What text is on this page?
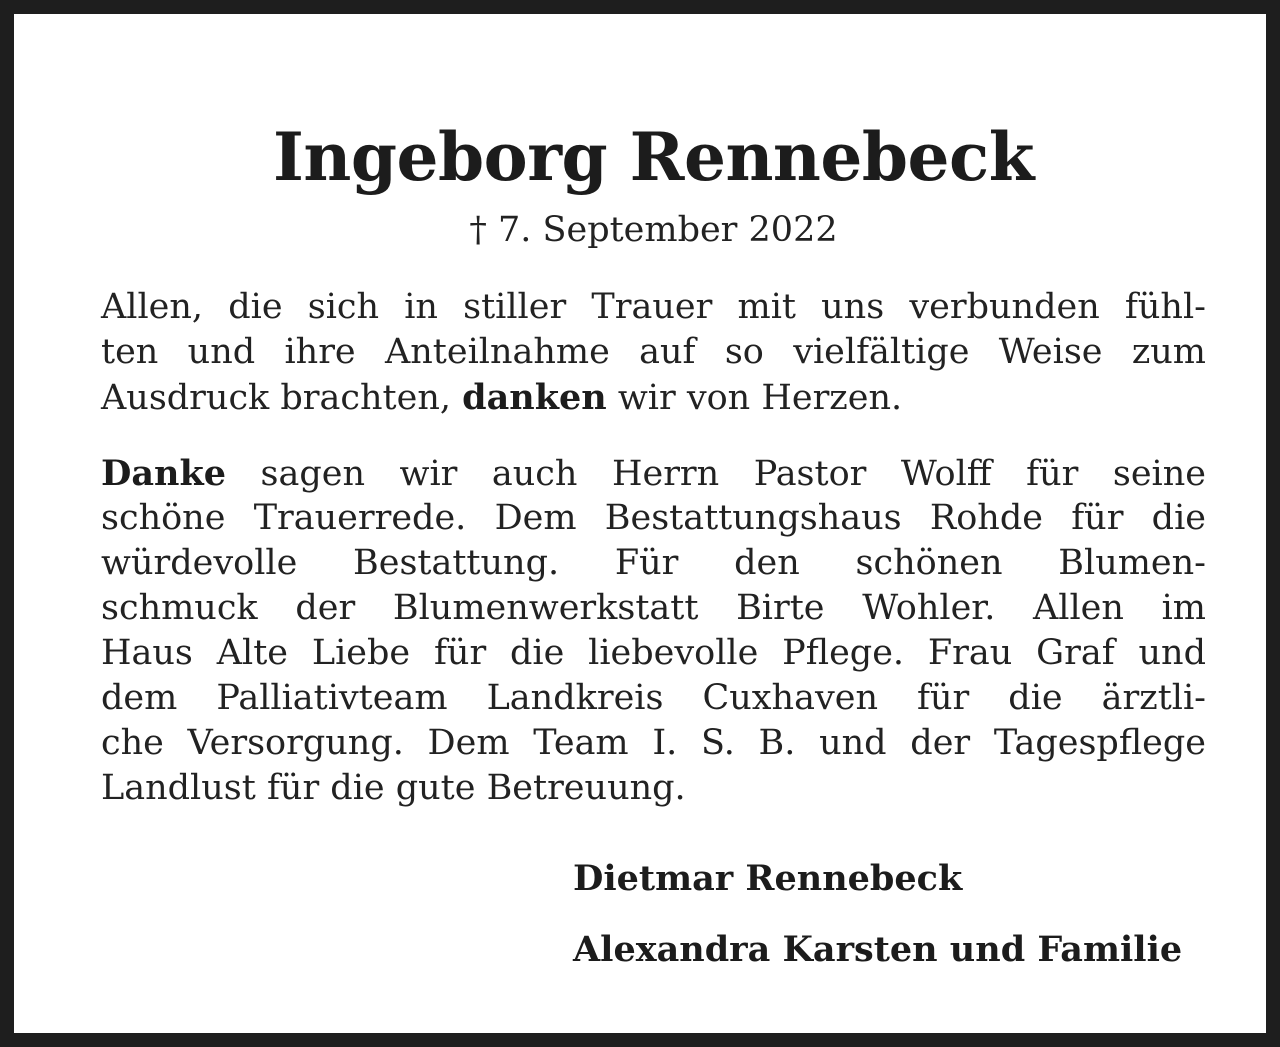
Ingeborg Rennebeck
† 7. September 2022
Allen, die sich in stiller Trauer mit uns verbunden fühl-
ten und ihre Anteilnahme auf so vielfältige Weise zum
Ausdruck brachten, danken wir von Herzen.
Danke sagen wir auch Herrn Pastor Wolff für seine
schöne Trauerrede. Dem Bestattungshaus Rohde für die
würdevolle Bestattung. Für den schönen Blumen-
schmuck der Blumenwerkstatt Birte Wohler. Allen im
Haus Alte Liebe für die liebevolle Pflege. Frau Graf und
dem Palliativteam Landkreis Cuxhaven für die ärztli-
che Versorgung. Dem Team I. S. B. und der Tagespflege
Landlust für die gute Betreuung.
Dietmar Rennebeck
Alexandra Karsten und Familie
